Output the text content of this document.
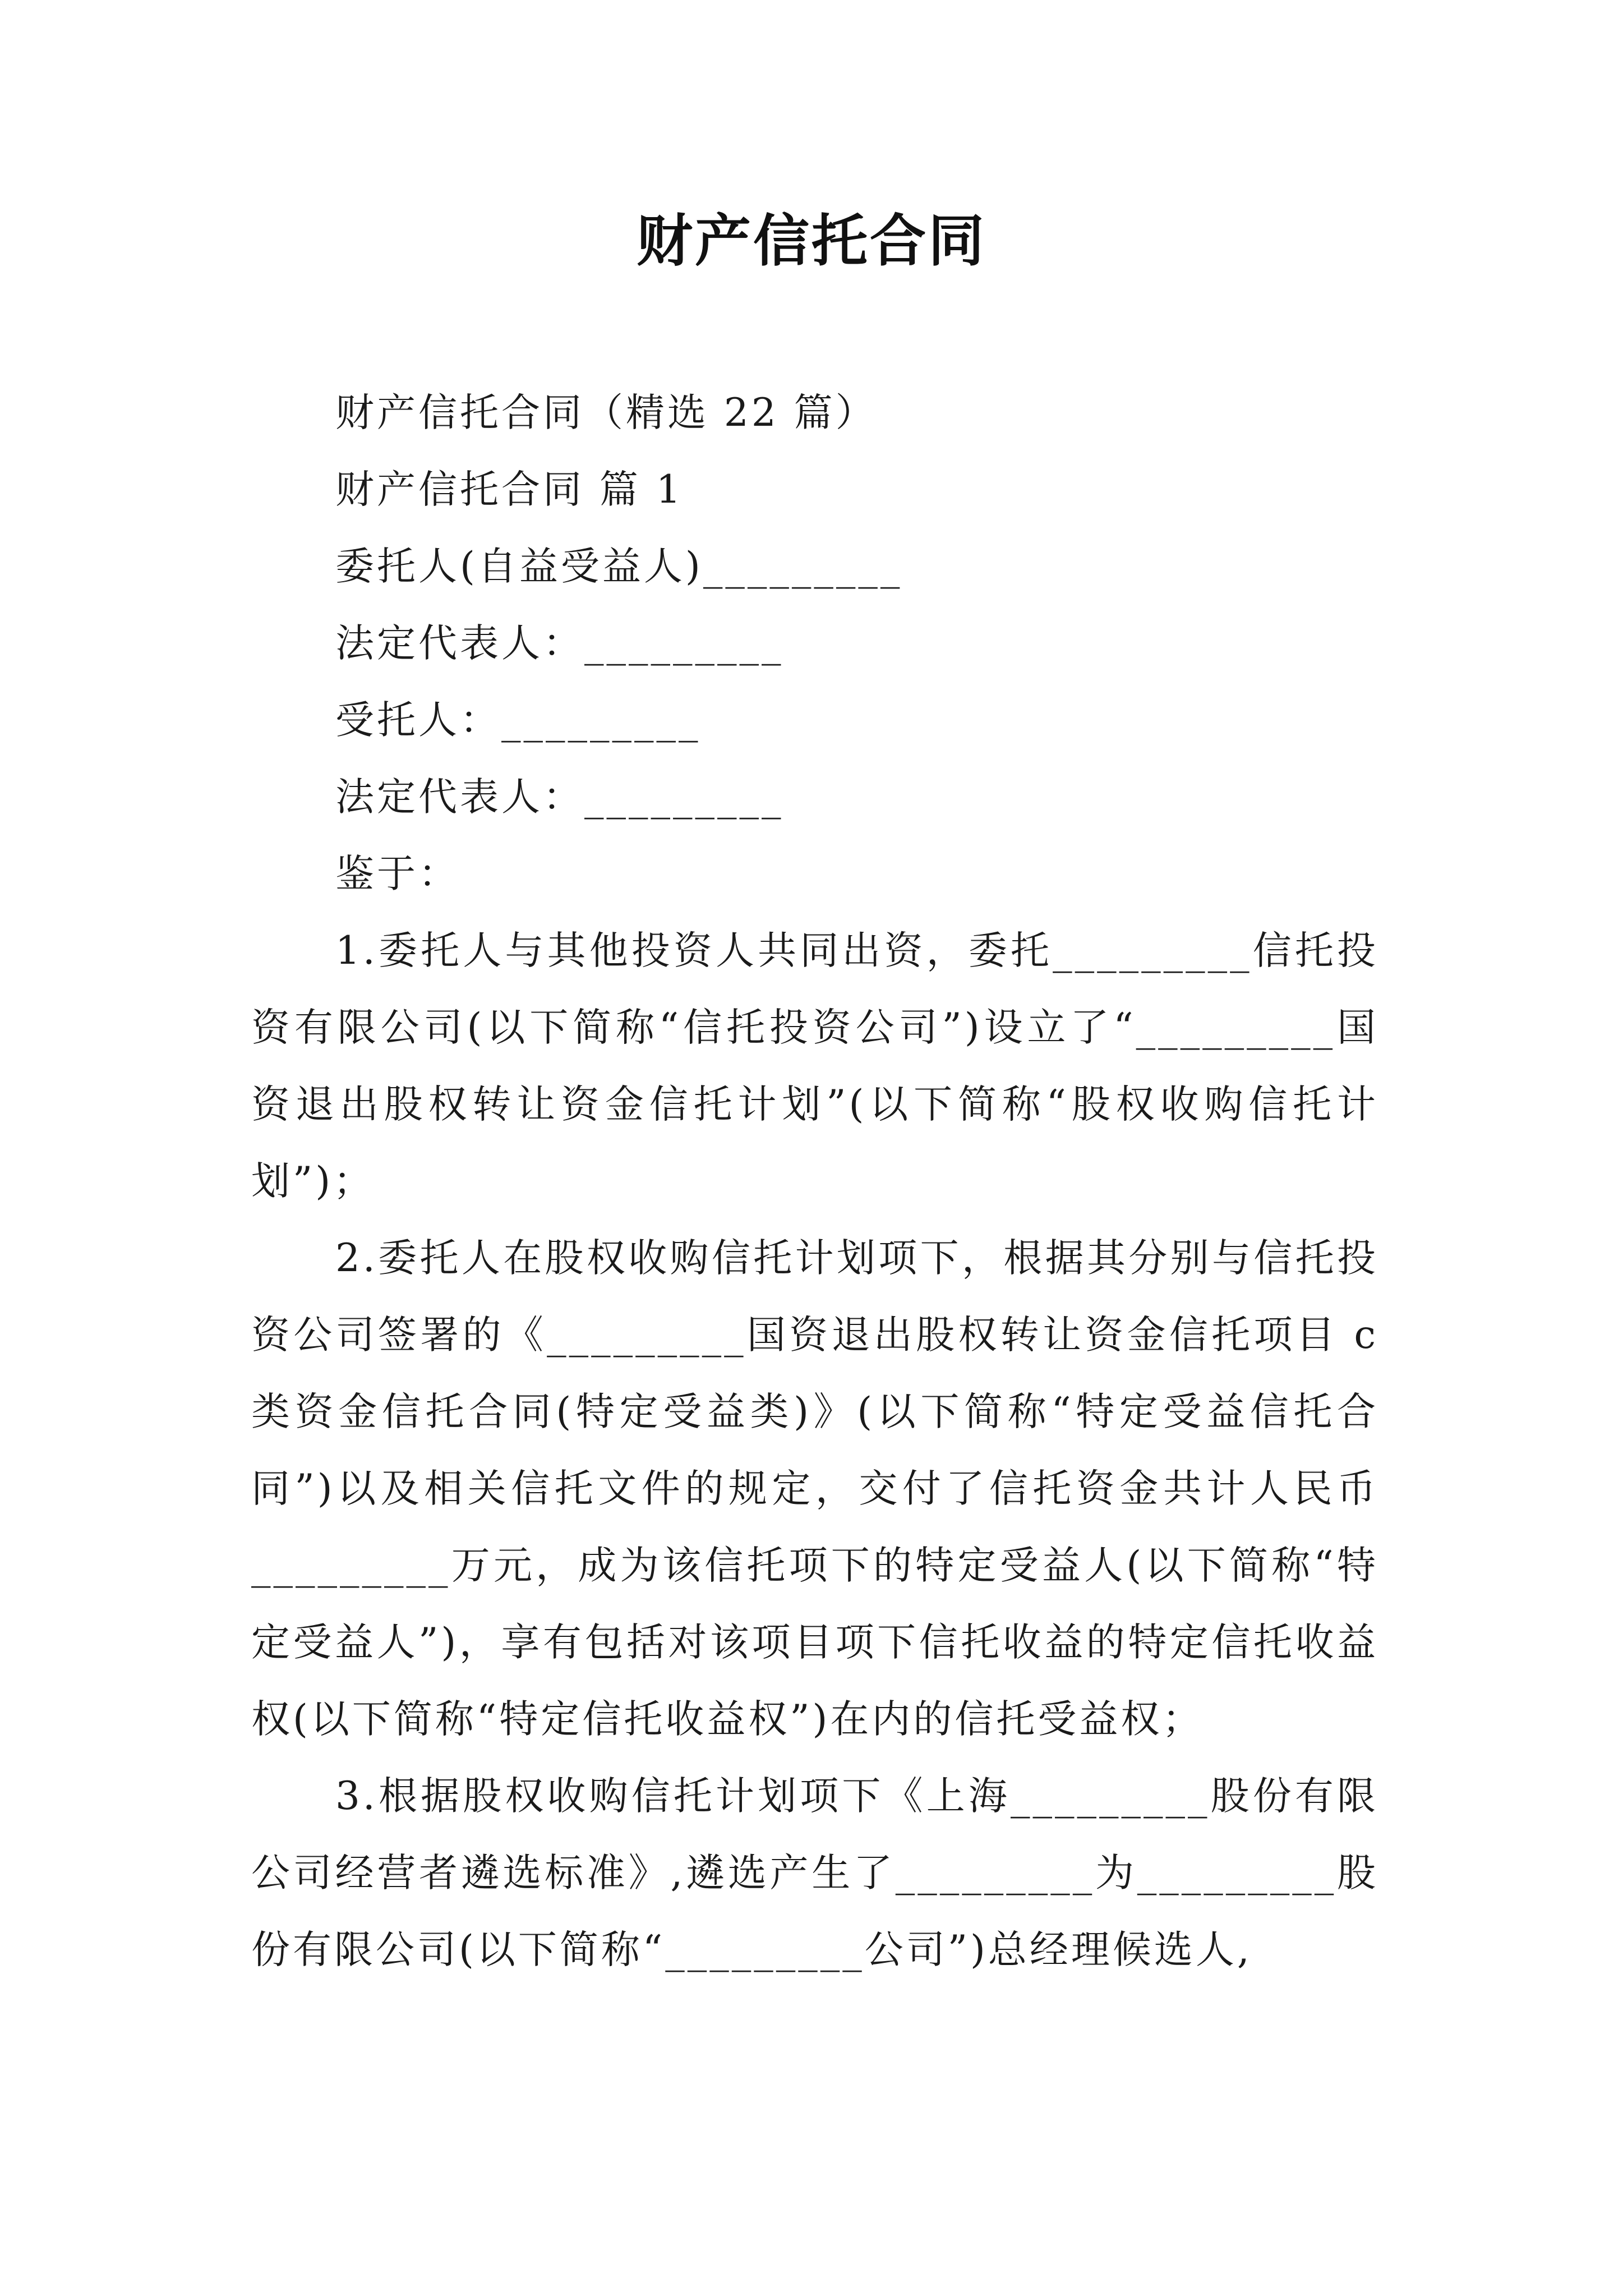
财产信托合同
财产信托合同（精选 22 篇）
财产信托合同 篇 1
委托人(自益受益人)_________
法定代表人：_________
受托人：_________
法定代表人：_________
鉴于：

1.委托人与其他投资人共同出资，委托_________信托投资有限公司(以下简称“信托投资公司”)设立了“_________国资退出股权转让资金信托计划”(以下简称“股权收购信托计划”)；

2.委托人在股权收购信托计划项下，根据其分别与信托投资公司签署的《_________国资退出股权转让资金信托项目 c 类资金信托合同(特定受益类)》(以下简称“特定受益信托合同”)以及相关信托文件的规定，交付了信托资金共计人民币_________万元，成为该信托项下的特定受益人(以下简称“特定受益人”)，享有包括对该项目项下信托收益的特定信托收益权(以下简称“特定信托收益权”)在内的信托受益权；

3.根据股权收购信托计划项下《上海_________股份有限公司经营者遴选标准》,遴选产生了_________为_________股份有限公司(以下简称“_________公司”)总经理候选人,
